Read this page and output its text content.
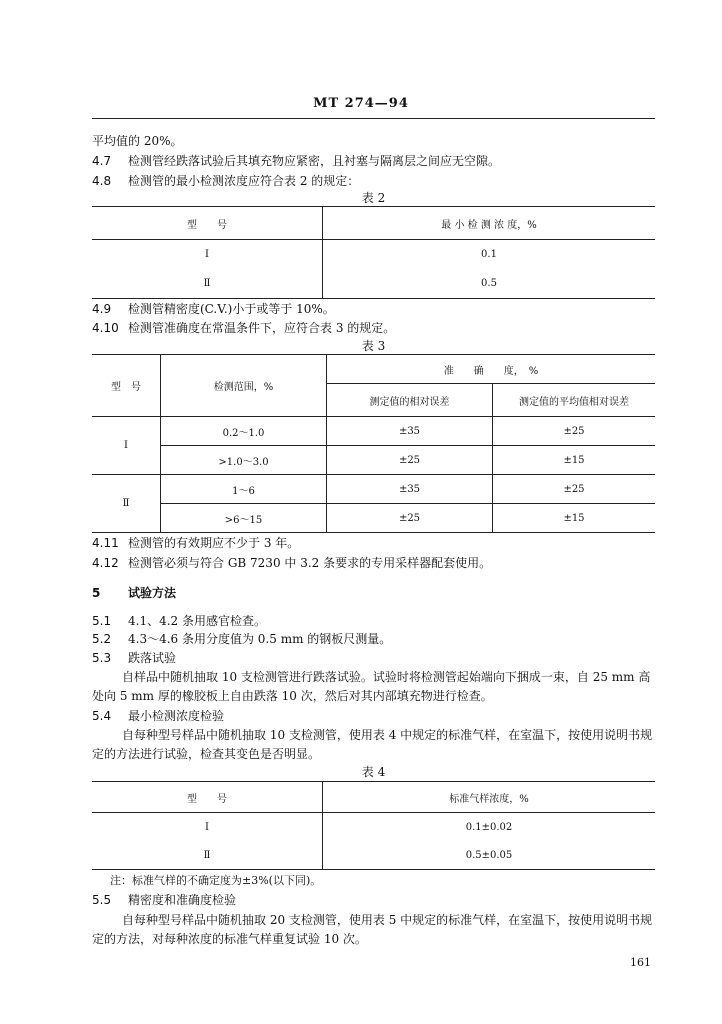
MT 274—94
平均值的 20%。
4.7 检测管经跌落试验后其填充物应紧密，且衬塞与隔离层之间应无空隙。
4.8 检测管的最小检测浓度应符合表 2 的规定：
表 2
型　　号	最 小 检 测 浓 度，%
Ⅰ	0.1
Ⅱ	0.5
4.9 检测管精密度(C.V.)小于或等于 10%。
4.10 检测管准确度在常温条件下，应符合表 3 的规定。
表 3
型　号	检测范围，%	准　　确　　度，　%	
		测定值的相对误差	测定值的平均值相对误差
Ⅰ	0.2～1.0	±35	±25
	>1.0～3.0	±25	±15
Ⅱ	1～6	±35	±25
	>6～15	±25	±15
4.11 检测管的有效期应不少于 3 年。
4.12 检测管必须与符合 GB 7230 中 3.2 条要求的专用采样器配套使用。
5 试验方法
5.1 4.1、4.2 条用感官检查。
5.2 4.3～4.6 条用分度值为 0.5 mm 的钢板尺测量。
5.3 跌落试验
自样品中随机抽取 10 支检测管进行跌落试验。试验时将检测管起始端向下捆成一束，自 25 mm 高
处向 5 mm 厚的橡胶板上自由跌落 10 次，然后对其内部填充物进行检查。
5.4 最小检测浓度检验
自每种型号样品中随机抽取 10 支检测管，使用表 4 中规定的标准气样，在室温下，按使用说明书规
定的方法进行试验，检查其变色是否明显。
表 4
型　　号	标准气样浓度，%
Ⅰ	0.1±0.02
Ⅱ	0.5±0.05
注：标准气样的不确定度为±3%(以下同)。
5.5 精密度和准确度检验
自每种型号样品中随机抽取 20 支检测管，使用表 5 中规定的标准气样，在室温下，按使用说明书规
定的方法，对每种浓度的标准气样重复试验 10 次。
161
